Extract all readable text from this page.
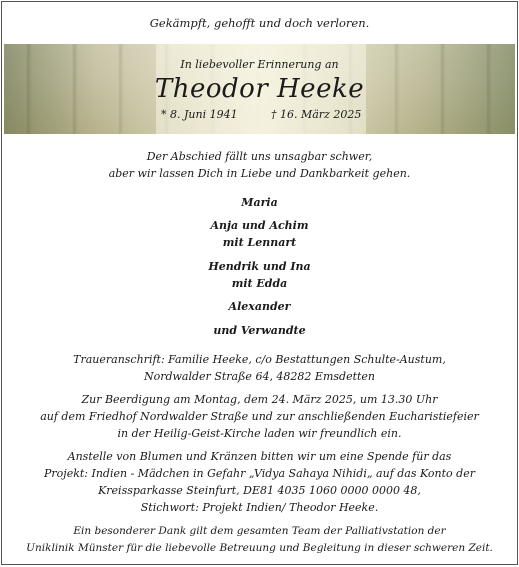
Gekämpft, gehofft und doch verloren.
In liebevoller Erinnerung an
Theodor Heeke
* 8. Juni 1941	† 16. März 2025
Der Abschied fällt uns unsagbar schwer,
aber wir lassen Dich in Liebe und Dankbarkeit gehen.
Maria
Anja und Achim
mit Lennart
Hendrik und Ina
mit Edda
Alexander
und Verwandte
Traueranschrift: Familie Heeke, c/o Bestattungen Schulte-Austum,
Nordwalder Straße 64, 48282 Emsdetten
Zur Beerdigung am Montag, dem 24. März 2025, um 13.30 Uhr
auf dem Friedhof Nordwalder Straße und zur anschließenden Eucharistiefeier
in der Heilig-Geist-Kirche laden wir freundlich ein.
Anstelle von Blumen und Kränzen bitten wir um eine Spende für das
Projekt: Indien - Mädchen in Gefahr „Vidya Sahaya Nihidi„ auf das Konto der
Kreissparkasse Steinfurt, DE81 4035 1060 0000 0000 48,
Stichwort: Projekt Indien/ Theodor Heeke.
Ein besonderer Dank gilt dem gesamten Team der Palliativstation der
Uniklinik Münster für die liebevolle Betreuung und Begleitung in dieser schweren Zeit.
